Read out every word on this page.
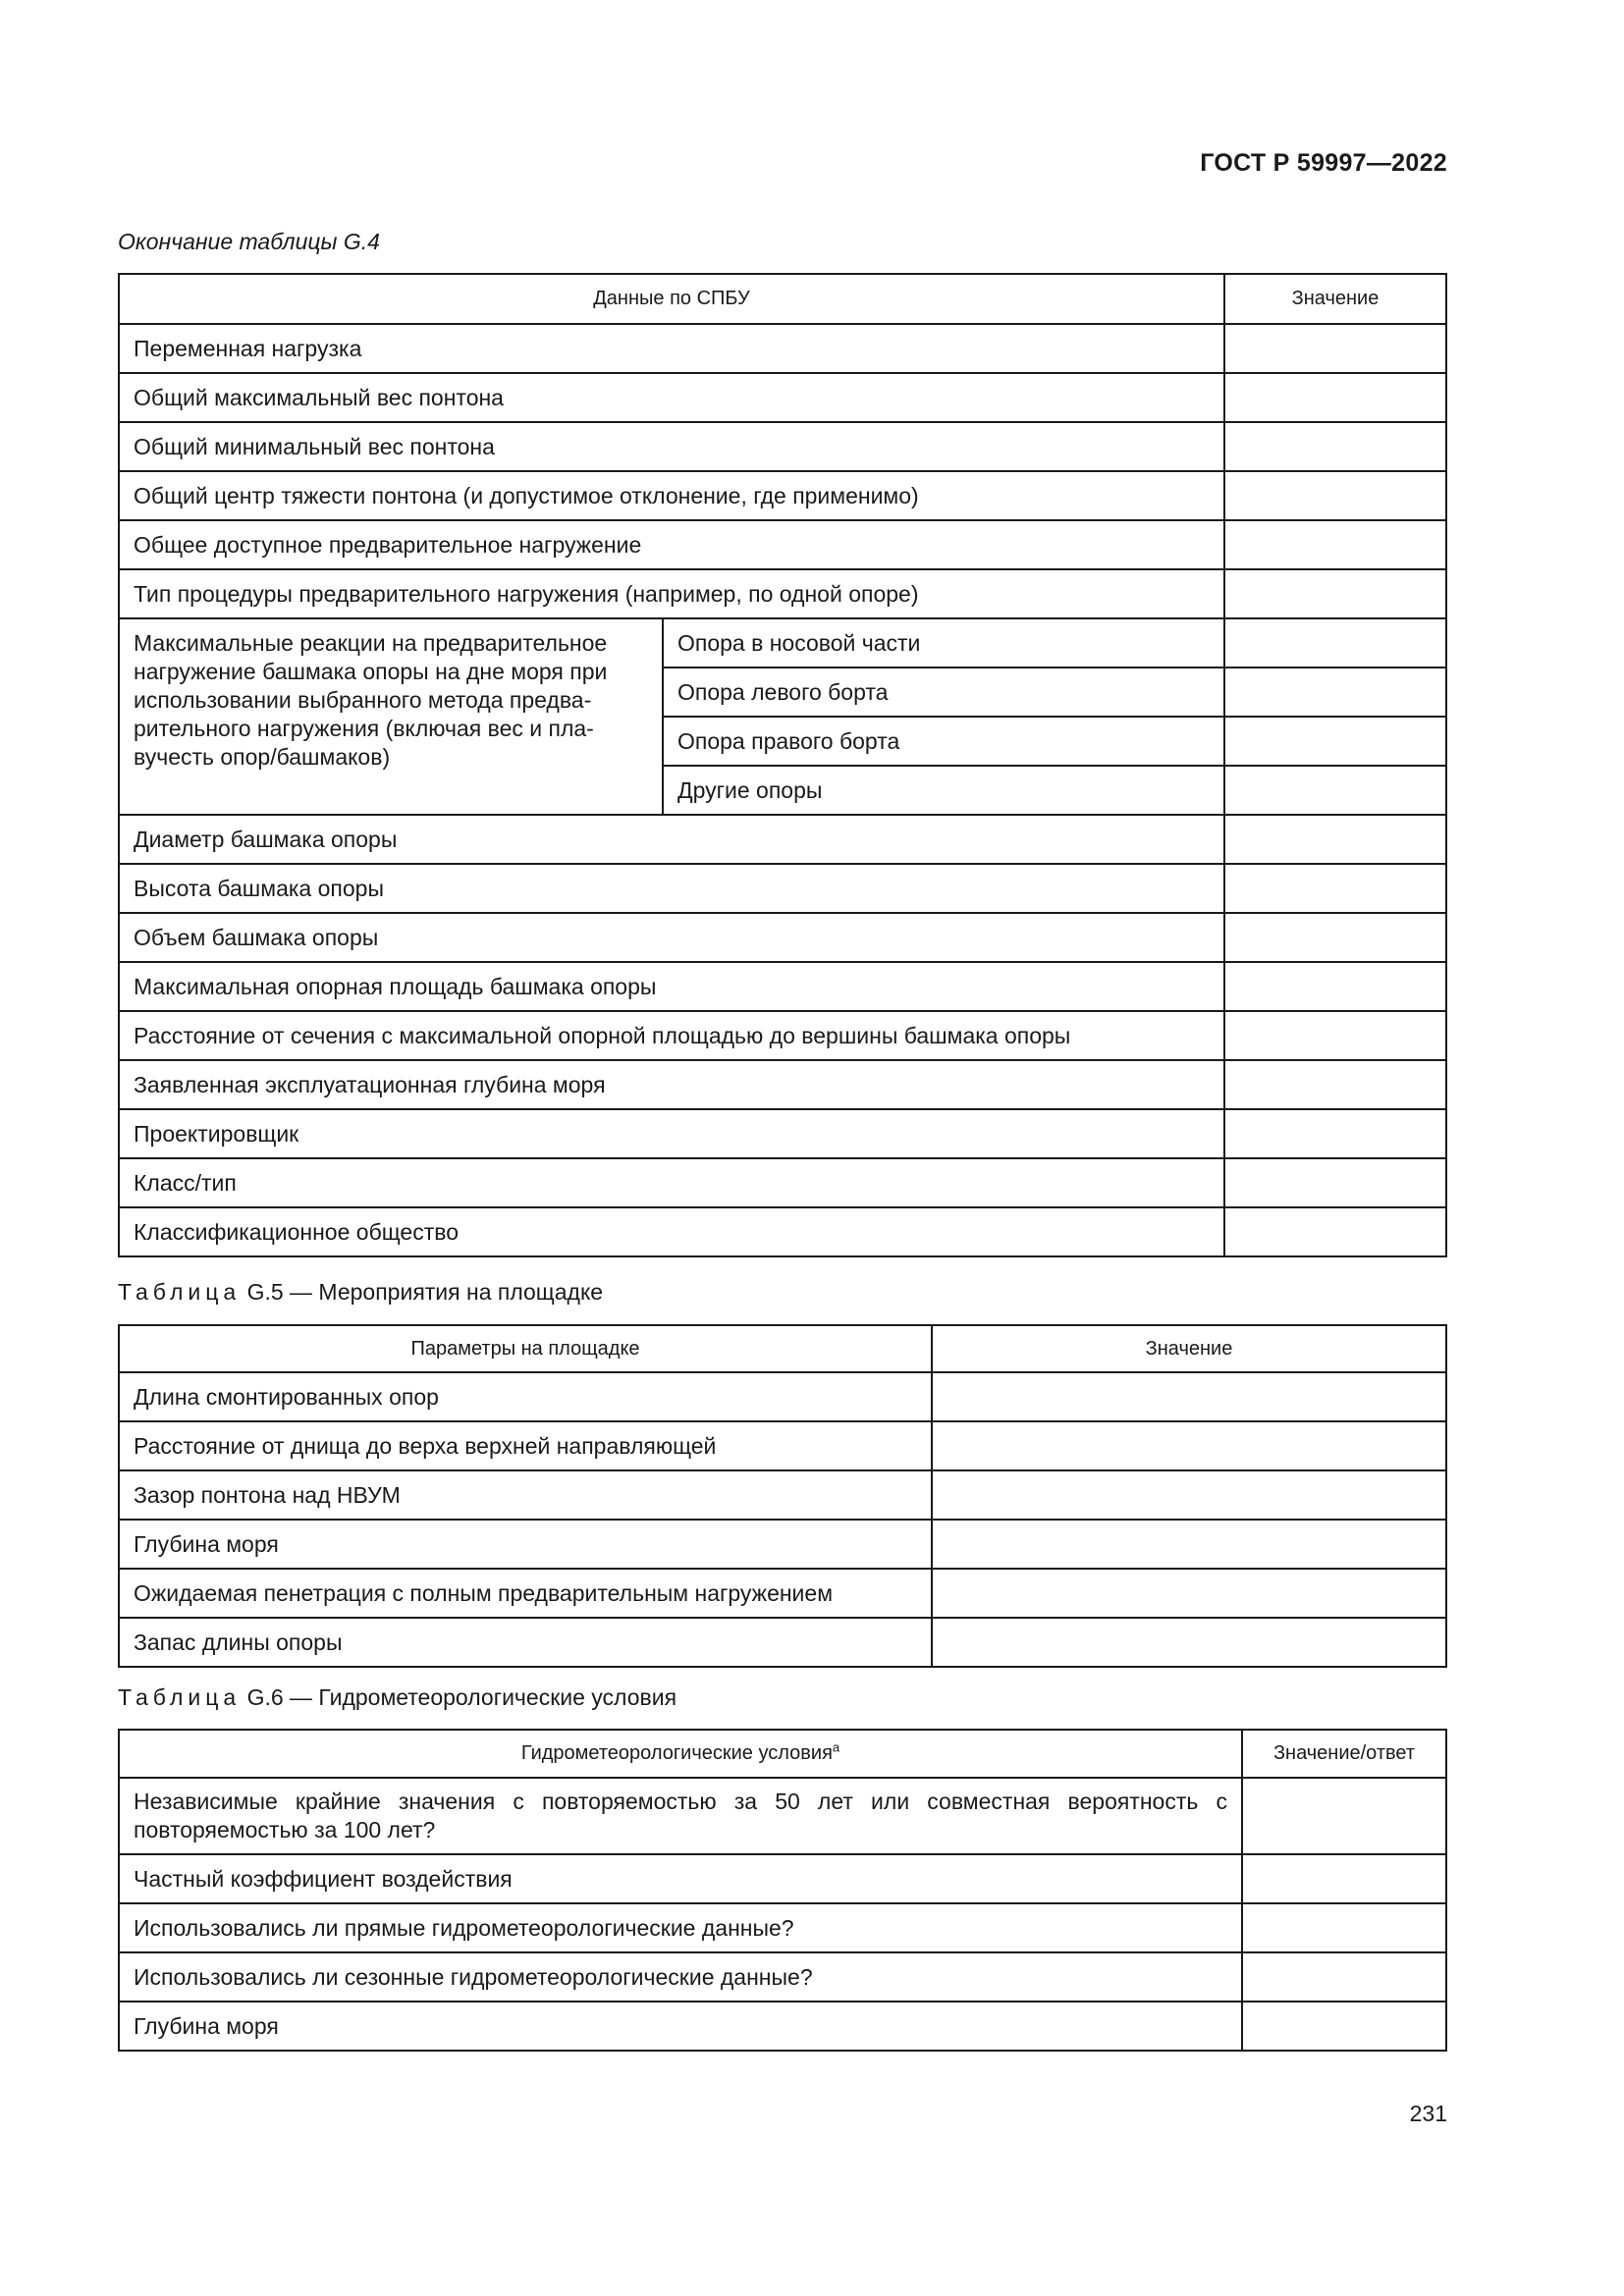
ГОСТ Р 59997—2022
Окончание таблицы G.4
Данные по СПБУ		Значение
Переменная нагрузка		
Общий максимальный вес понтона		
Общий минимальный вес понтона		
Общий центр тяжести понтона (и допустимое отклонение, где применимо)		
Общее доступное предварительное нагружение		
Тип процедуры предварительного нагружения (например, по одной опоре)		

Максимальные реакции на предварительное
нагружение башмака опоры на дне моря при
использовании выбранного метода предва-
рительного нагружения (включая вес и пла-
вучесть опор/башмаков)	Опора в носовой части	
	Опора левого борта	
	Опора правого борта	
	Другие опоры	
Диаметр башмака опоры		
Высота башмака опоры		
Объем башмака опоры		
Максимальная опорная площадь башмака опоры		
Расстояние от сечения с максимальной опорной площадью до вершины башмака опоры		
Заявленная эксплуатационная глубина моря		
Проектировщик		
Класс/тип		
Классификационное общество		
Таблица G.5 — Мероприятия на площадке
Параметры на площадке	Значение
Длина смонтированных опор	
Расстояние от днища до верха верхней направляющей	
Зазор понтона над НВУМ	
Глубина моря	
Ожидаемая пенетрация с полным предварительным нагружением	
Запас длины опоры	
Таблица G.6 — Гидрометеорологические условия
Гидрометеорологические условия$^a$	Значение/ответ
Независимые крайние значения с повторяемостью за 50 лет или совместная вероятность с повторяемостью за 100 лет?	
Частный коэффициент воздействия	
Использовались ли прямые гидрометеорологические данные?	
Использовались ли сезонные гидрометеорологические данные?	
Глубина моря	
231
